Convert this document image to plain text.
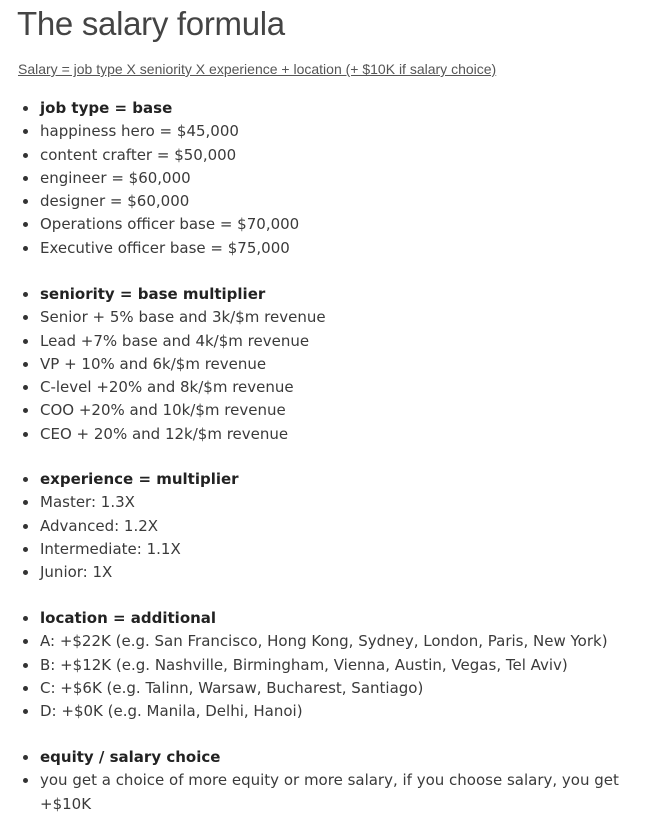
The salary formula
Salary = job type X seniority X experience + location (+ $10K if salary choice)
job type = base
happiness hero = $45,000
content crafter = $50,000
engineer = $60,000
designer = $60,000
Operations officer base = $70,000
Executive officer base = $75,000
seniority = base multiplier
Senior + 5% base and 3k/$m revenue
Lead +7% base and 4k/$m revenue
VP + 10% and 6k/$m revenue
C-level +20% and 8k/$m revenue
COO +20% and 10k/$m revenue
CEO + 20% and 12k/$m revenue
experience = multiplier
Master: 1.3X
Advanced: 1.2X
Intermediate: 1.1X
Junior: 1X
location = additional
A: +$22K (e.g. San Francisco, Hong Kong, Sydney, London, Paris, New York)
B: +$12K (e.g. Nashville, Birmingham, Vienna, Austin, Vegas, Tel Aviv)
C: +$6K (e.g. Talinn, Warsaw, Bucharest, Santiago)
D: +$0K (e.g. Manila, Delhi, Hanoi)
equity / salary choice
you get a choice of more equity or more salary, if you choose salary, you get +$10K
